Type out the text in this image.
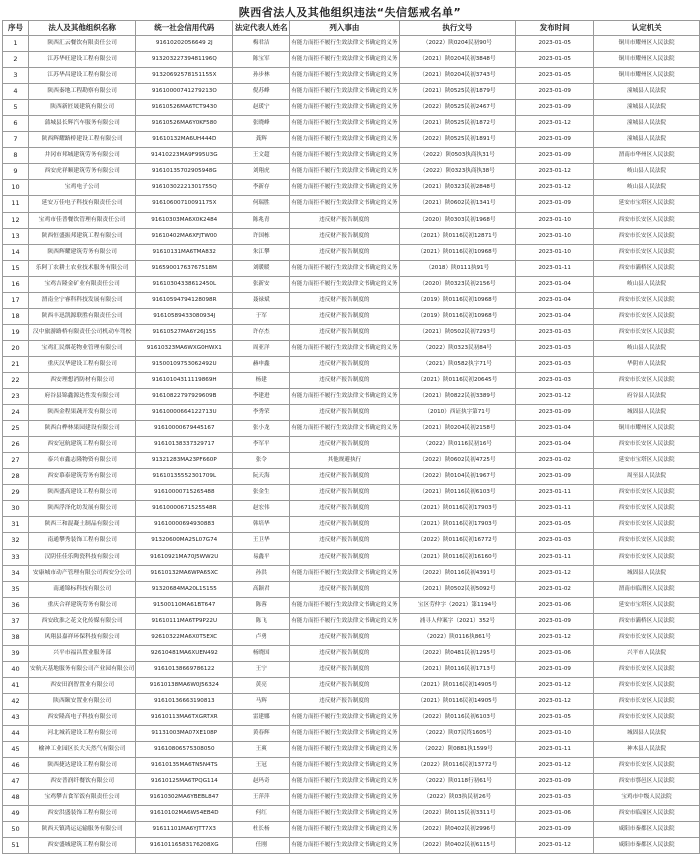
陕西省法人及其他组织违法“失信惩戒名单”
序号	法人及其他组织名称	统一社会信用代码	法定代表人姓名	列入事由	执行文号	发布时间	认定机关
1	陕西汇云餐饮有限责任公司	91610202056649 2J	梅君洁	有能力而拒不履行生效法律文书确定的义务	（2022）陕0204民初90号	2023-01-05	铜川市耀州区人民法院
2	江苏华旺建设工程有限公司	91320322739481196Q	陈宝军	有能力而拒不履行生效法律文书确定的义务	（2021）陕0204民初3848号	2023-01-05	铜川市耀州区人民法院
3	江苏华昌建设工程有限公司	91320692578151155X	孙步林	有能力而拒不履行生效法律文书确定的义务	（2021）陕0204民初3743号	2023-01-05	铜川市耀州区人民法院
4	陕西秦地工程勘察有限公司	91610000741279213O	倪苏峰	有能力而拒不履行生效法律文书确定的义务	（2021）陕0525民初1879号	2023-01-09	潼城县人民法院
5	陕西新匠晟建筑有限公司	91610526MA6TCT9430	赵瑗宁	有能力而拒不履行生效法律文书确定的义务	（2022）陕0525民初2467号	2023-01-09	潼城县人民法院
6	蒲城县长辉汽车服务有限公司	91610526MA6Y0KF580	张晓峰	有能力而拒不履行生效法律文书确定的义务	（2021）陕0525民初1872号	2023-01-12	潼城县人民法院
7	陕西辉耀路桥建设工程有限公司	91610132MA6UH444D	龚辉	有能力而拒不履行生效法律文书确定的义务	（2022）陕0525民初1891号	2023-01-09	潼城县人民法院
8	井冈市邦城建筑劳务有限公司	91410223MA9F995U3G	王文超	有能力而拒不履行生效法律文书确定的义务	（2022）陕0503执商执31号	2023-01-09	渭南市华州区人民法院
9	西安虎祥顺建筑劳务有限公司	91610135702905948G	刘翔虎	有能力而拒不履行生效法律文书确定的义务	（2022）陕0323执商执38号	2023-01-12	岐山县人民法院
10	宝鸡电子公司	91610302221301755Q	李新存	有能力而拒不履行生效法律文书确定的义务	（2021）陕0323民初2848号	2023-01-12	岐山县人民法院
11	延安万佳电子科技有限责任公司	91610600710091175X	何瑞胜	有能力而拒不履行生效法律文书确定的义务	（2021）陕0602民初1341号	2023-01-09	延安市宝塔区人民法院
12	宝鸡市佳普餐饮管理有限责任公司	91610303MA6X0K2484	陈兆青	违反财产报告制度的	（2020）陕0303民初1968号	2023-01-10	西安市长安区人民法院
13	陕西恒盛振邦建筑工程有限公司	91610402MA6XFJTW00	许国栋	违反财产报告制度的	（2021）陕0116民初12871号	2023-01-10	西安市长安区人民法院
14	陕西辉耀建筑劳务有限公司	91610131MA6TMA832	朱江攀	违反财产报告制度的	（2021）陕0116民初10968号	2023-01-10	西安市长安区人民法院
15	乐阿丁农耕土农业技术服务有限公司	91659001763767518M	刘暖暖	有能力而拒不履行生效法律文书确定的义务	（2018）陕0111执91号	2023-01-11	西安市灞桥区人民法院
16	宝鸡吉隆金矿业有限责任公司	91610304338612450L	张新安	有能力而拒不履行生效法律文书确定的义务	（2020）陕0323民初2156号	2023-01-04	岐山县人民法院
17	渭南全宁睿科科技发展有限公司	91610594794128098R	聂禄斌	违反财产报告制度的	（2019）陕0116民初10968号	2023-01-04	西安市长安区人民法院
18	陕西丰迅凯源联胜有限责任公司	91610589433080934J	于军	违反财产报告制度的	（2019）陕0116民初10968号	2023-01-04	西安市长安区人民法院
19	汉中旅游路桥有限责任公司机动车驾校	91610527MA6Y26J155	许存杰	违反财产报告制度的	（2021）陕0502民初7293号	2023-01-03	西安市长安区人民法院
20	宝鸡汇民烟花物业管理有限公司	91610323MA6WXG0HWX1	周亚洋	有能力而拒不履行生效法律文书确定的义务	（2022）陕0323民初84号	2023-01-03	岐山县人民法院
21	重庆汉华建设工程有限公司	91500109753062492U	赫申鑫	违反财产报告制度的	（2021）陕0582执字71号	2023-01-03	华阴市人民法院
22	西安理想消防材有限公司	91610104311119869H	杨建	违反财产报告制度的	（2021）陕0116民初20645号	2023-01-03	西安市长安区人民法院
23	府谷县锦鑫源达性发有限公司	91610822797929609B	李建进	有能力而拒不履行生效法律文书确定的义务	（2021）陕0822民初3389号	2023-01-12	府谷县人民法院
24	陕西金程果蔬开发有限公司	91610000664122713U	李秀荣	违反财产报告制度的	（2010）西证执字第71号	2023-01-09	城固县人民法院
25	陕西白桦林果园建设有限公司	91610000679445167	张小龙	有能力而拒不履行生效法律文书确定的义务	（2021）陕0204民初2158号	2023-01-04	铜川市耀州区人民法院
26	西安冠航建筑工程有限公司	91610138337329717	李军平	违反财产报告制度的	（2022）陕0116民初16号	2023-01-04	西安市长安区人民法院
27	泰兴市鑫志隆物资有限公司	91321283MA23PF660P	张令	其他规避执行	（2022）陕0602民初4725号	2023-01-02	延安市宝塔区人民法院
28	西安慕泰建筑劳务有限公司	91610135552301709L	阮天海	违反财产报告制度的	（2022）陕0104民初1967号	2023-01-09	周至县人民法院
29	陕西盛高建设工程有限公司	91610000715265488	张金生	违反财产报告制度的	（2021）陕0116民初6103号	2023-01-11	西安市长安区人民法院
30	陕西浮泽化纺发展有限公司	91610000671525548R	赵宏伟	违反财产报告制度的	（2021）陕0116民初17903号	2023-01-11	西安市长安区人民法院
31	陕西三和混凝土制品有限公司	91610000694930883	韩培华	违反财产报告制度的	（2021）陕0116民初17903号	2023-01-05	西安市长安区人民法院
32	南通攀秀装饰工程有限公司	91320600MA25L07G74	王卫华	违反财产报告制度的	（2022）陕0116民初16772号	2023-01-03	西安市长安区人民法院
33	汉阴佳佳乐陶瓷科技有限公司	91610921MA70J5WW2U	易鑫平	违反财产报告制度的	（2021）陕0116民初16160号	2023-01-11	西安市长安区人民法院
34	安康城市动产管理有限公司西安分公司	91610132MA6WPA65XC	孙洪	有能力而拒不履行生效法律文书确定的义务	（2022）陕0116民初4391号	2023-01-12	城固县人民法院
35	南通锦标科技有限公司	91320684MA20L15155	高颖君	违反财产报告制度的	（2021）陕0502民初5092号	2023-01-02	渭南市临渭区人民法院
36	重庆合祥建筑劳务有限公司	91500110MA61BT647	陈蓉	有能力而拒不履行生效法律文书确定的义务	宝区劳仲字（2021）第1194号	2023-01-06	延安市宝塔区人民法院
37	西安政淮之花文化传媒有限公司	91610111MA6TP9P22U	陈飞	有能力而拒不履行生效法律文书确定的义务	浦寻人仲案字（2021）352号	2023-01-09	西安市灞桥区人民法院
38	风翔县嘉祥环保科技有限公司	92610322MA6X0T5EXC	卢勇	违反财产报告制度的	（2022）陕0116执861号	2023-01-12	西安市长安区人民法院
39	兴平市福昌置业服务部	92610481MA6XUEN492	杨晓国	违反财产报告制度的	（2022）陕0481民初1295号	2023-01-06	兴平市人民法院
40	安航天基地服务有限公司产业园有限公司	91610138669786122	王宁	违反财产报告制度的	（2021）陕0116民初1713号	2023-01-09	西安市长安区人民法院
41	西安田润智置业有限公司	91610138MA6W0J56324	黄亮	违反财产报告制度的	（2021）陕0116民初14905号	2023-01-12	西安市长安区人民法院
42	陕西颐安置业有限公司	91610136663190813	马辉	违反财产报告制度的	（2021）陕0116民初14905号	2023-01-12	西安市长安区人民法院
43	西安隆高电子科技有限公司	91610113MA6TXGRTXR	雷建娜	有能力而拒不履行生效法律文书确定的义务	（2022）陕0116民初6103号	2023-01-05	西安市长安区人民法院
44	河北城若建设工程有限公司	91131003MA07XE108P	黄春辉	有能力而拒不履行生效法律文书确定的义务	（2022）陕07民终1605号	2023-01-10	城固县人民法院
45	榆神工业园区长大天然气有限公司	91610806575308050	王爽	有能力而拒不履行生效法律文书确定的义务	（2022）陕0881执1599号	2023-01-11	神木县人民法院
46	陕西捷达建设工程有限公司	91610135MA6TN5N4TS	王冠	有能力而拒不履行生效法律文书确定的义务	（2022）陕0116民初13772号	2023-01-12	西安市长安区人民法院
47	西安普润纤餐饮有限公司	91610125MA6TPQG114	赵玛奇	有能力而拒不履行生效法律文书确定的义务	（2022）陕0118行初61号	2023-01-09	西安市鄠邑区人民法院
48	宝鸡攀吉食军饭有限责任公司	91610302MA6YBEBL847	王萍萍	有能力而拒不履行生效法律文书确定的义务	（2022）陕03执民初26号	2023-01-03	宝鸡市中级人民法院
49	西安洪盛装饰工程有限公司	91610102MA6W54EB4D	何红	有能力而拒不履行生效法律文书确定的义务	（2022）陕0115民初3311号	2023-01-06	西安市临潼区人民法院
50	陕西天镇鸿运运输服务有限公司	91611101MA6YJTT7X3	杜长杨	有能力而拒不履行生效法律文书确定的义务	（2022）陕0402民初2996号	2023-01-09	咸阳市秦都区人民法院
51	西安盛城建筑工程有限公司	91610116583176208XG	任刚	有能力而拒不履行生效法律文书确定的义务	（2022）陕0402民初6115号	2023-01-12	咸阳市秦都区人民法院
